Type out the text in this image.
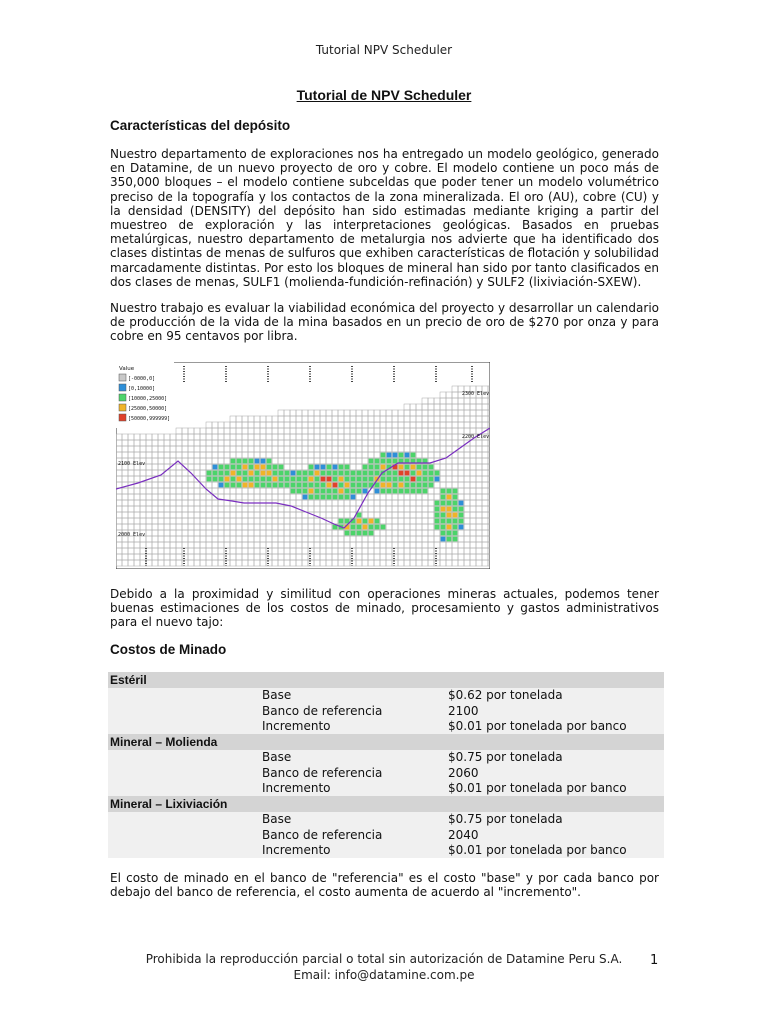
Tutorial NPV Scheduler
Tutorial de NPV Scheduler
Características del depósito

Nuestro departamento de exploraciones nos ha entregado un modelo geológico, generado en Datamine, de un nuevo proyecto de oro y cobre. El modelo contiene un poco más de 350,000 bloques – el modelo contiene subceldas que poder tener un modelo volumétrico preciso de la topografía y los contactos de la zona mineralizada. El oro (AU), cobre (CU) y la densidad (DENSITY) del depósito han sido estimadas mediante kriging a partir del muestreo de exploración y las interpretaciones geológicas. Basados en pruebas metalúrgicas, nuestro departamento de metalurgia nos advierte que ha identificado dos clases distintas de menas de sulfuros que exhiben características de flotación y solubilidad marcadamente distintas. Por esto los bloques de mineral han sido por tanto clasificados en dos clases de menas, SULF1 (molienda-fundición-refinación) y SULF2 (lixiviación-SXEW).

Nuestro trabajo es evaluar la viabilidad económica del proyecto y desarrollar un calendario de producción de la vida de la mina basados en un precio de oro de $270 por onza y para cobre en 95 centavos por libra.

Value
[-0000,0]
[0,10000]
[10000,25000]
[25000,50000]
[50000,999999]
2300 Elev
2200 Elev
2100 Elev
2000 Elev

Debido a la proximidad y similitud con operaciones mineras actuales, podemos tener buenas estimaciones de los costos de minado, procesamiento y gastos administrativos para el nuevo tajo:

Costos de Minado
Estéril		
	Base	$0.62 por tonelada
	Banco de referencia	2100
	Incremento	$0.01 por tonelada por banco
Mineral – Molienda		
	Base	$0.75 por tonelada
	Banco de referencia	2060
	Incremento	$0.01 por tonelada por banco
Mineral – Lixiviación		
	Base	$0.75 por tonelada
	Banco de referencia	2040
	Incremento	$0.01 por tonelada por banco

El costo de minado en el banco de "referencia" es el costo "base" y por cada banco por debajo del banco de referencia, el costo aumenta de acuerdo al "incremento".

Prohibida la reproducción parcial o total sin autorización de Datamine Peru S.A.
Email: info@datamine.com.pe
1
